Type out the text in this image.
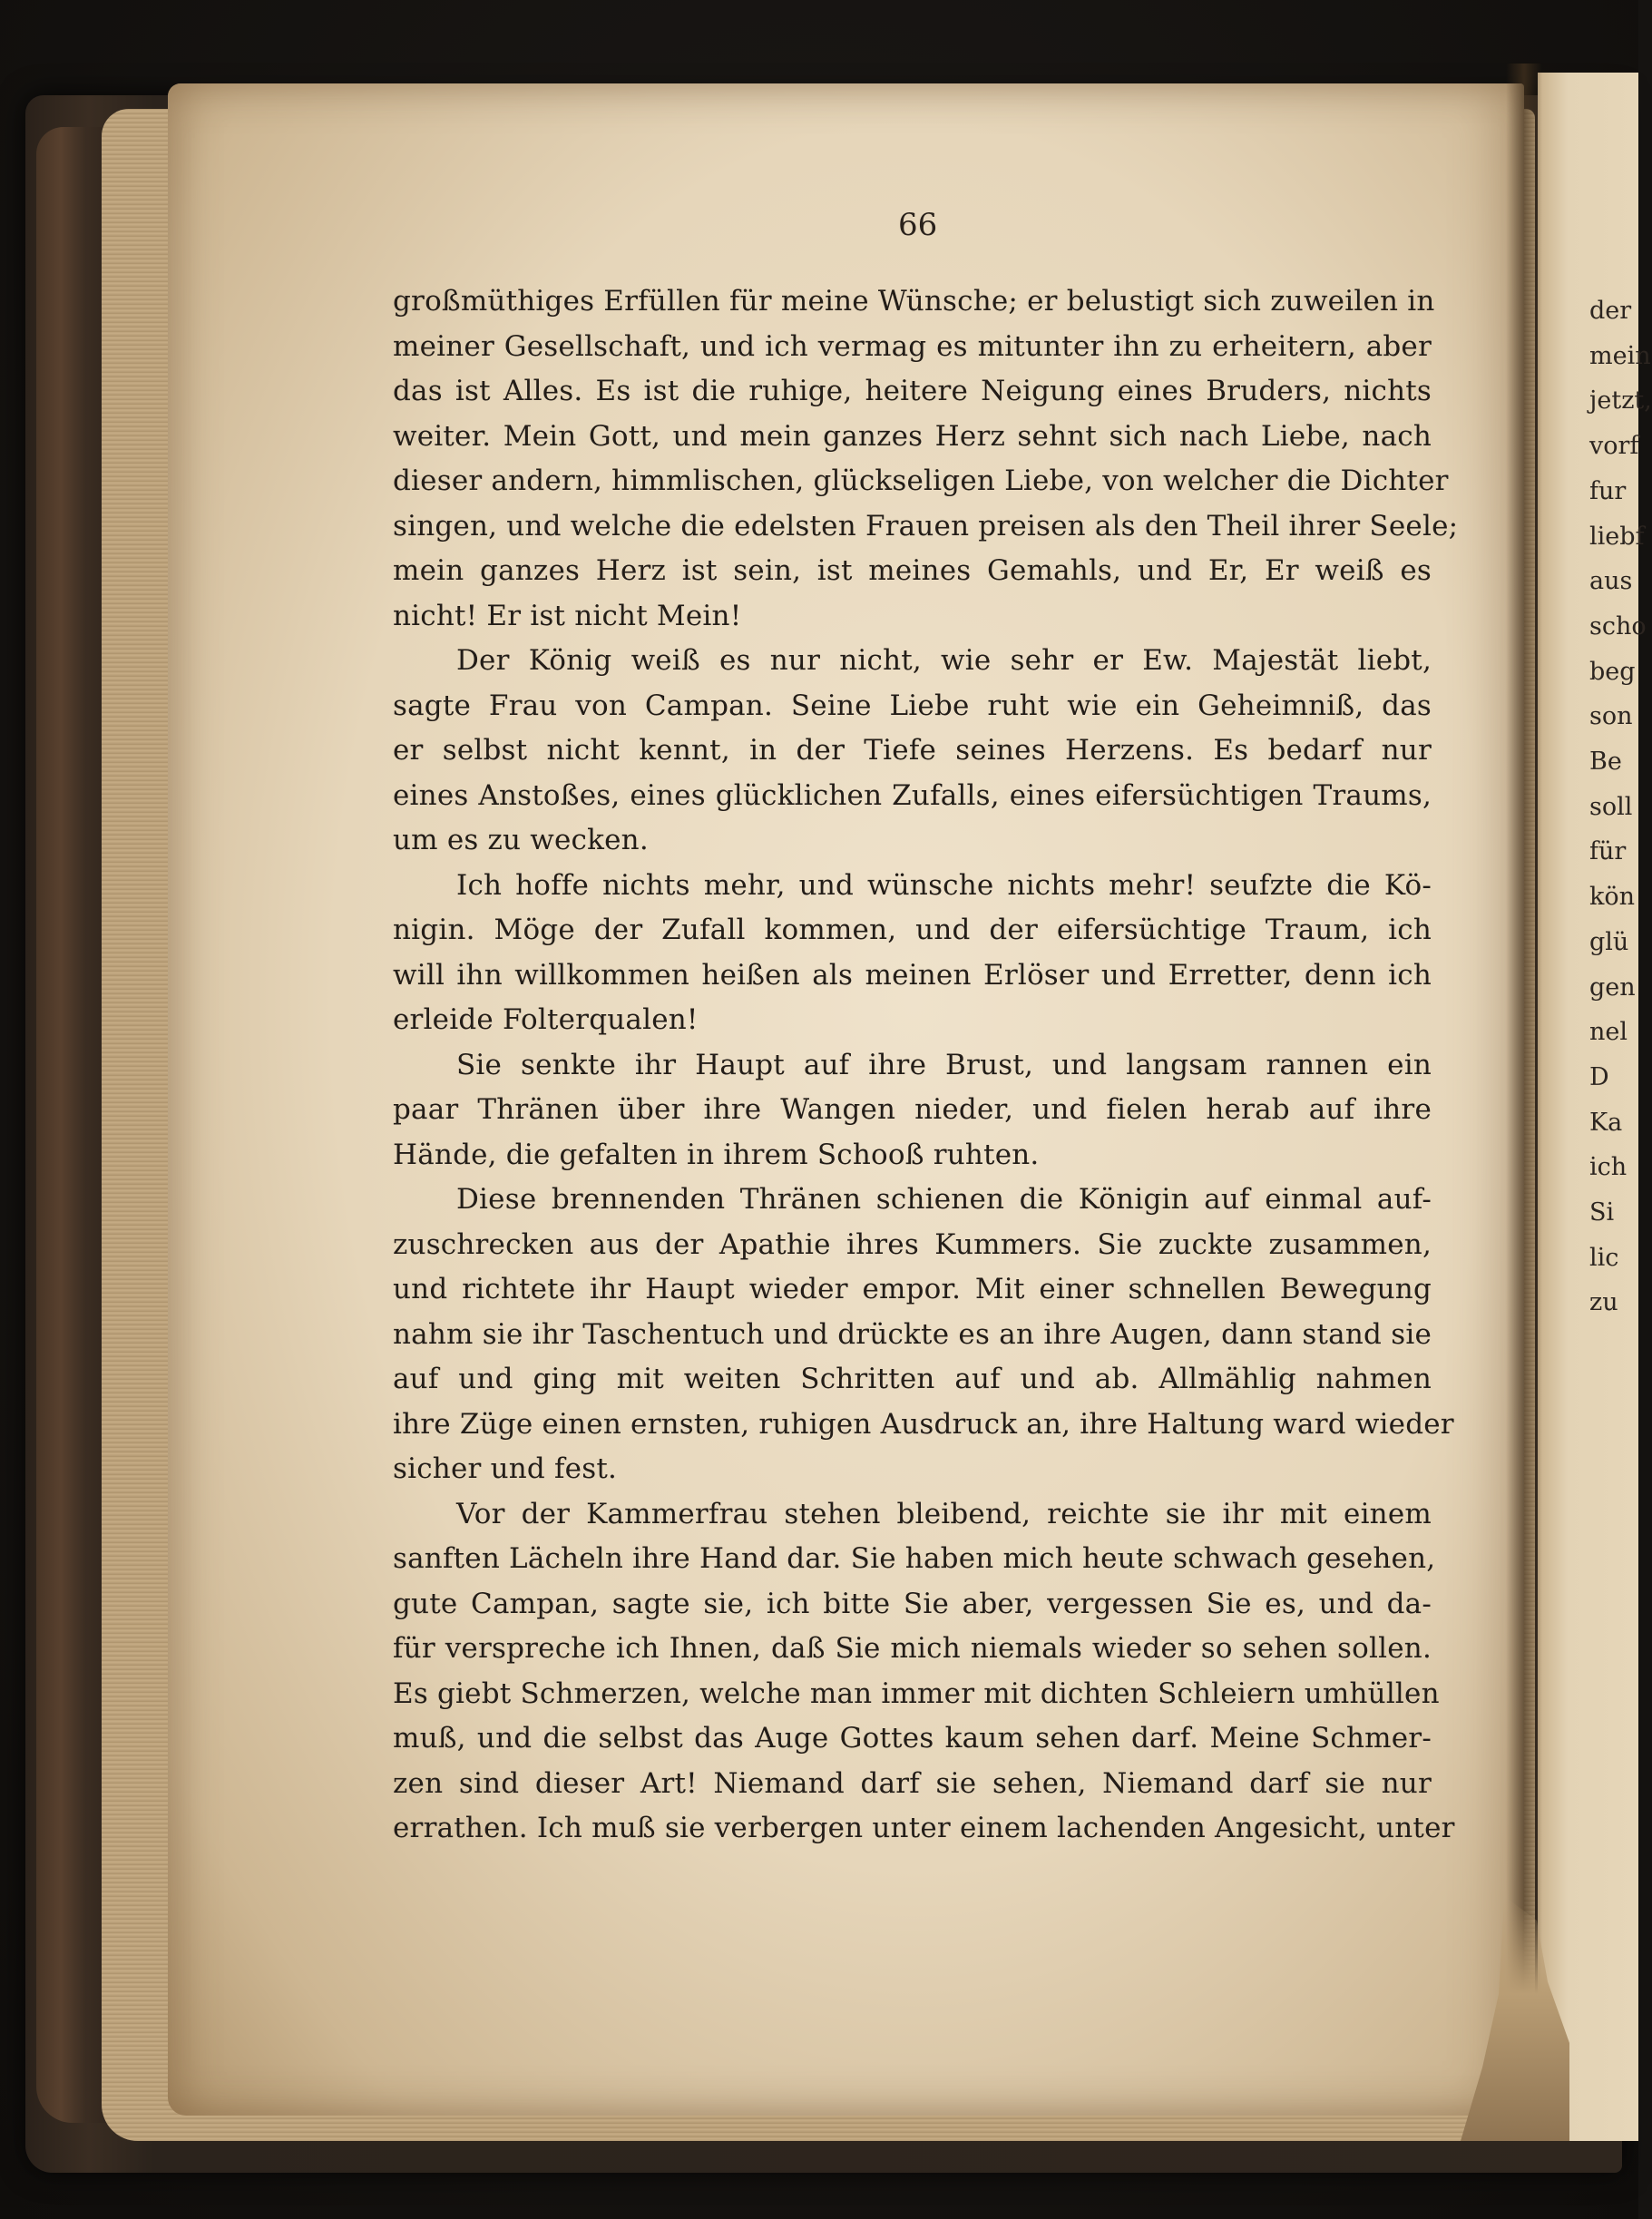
66
großmüthiges Erfüllen für meine Wünsche; er belustigt sich zuweilen in
meiner Gesellschaft, und ich vermag es mitunter ihn zu erheitern, aber
das ist Alles. Es ist die ruhige, heitere Neigung eines Bruders, nichts
weiter. Mein Gott, und mein ganzes Herz sehnt sich nach Liebe, nach
dieser andern, himmlischen, glückseligen Liebe, von welcher die Dichter
singen, und welche die edelsten Frauen preisen als den Theil ihrer Seele;
mein ganzes Herz ist sein, ist meines Gemahls, und Er, Er weiß es
nicht! Er ist nicht Mein!
Der König weiß es nur nicht, wie sehr er Ew. Majestät liebt,
sagte Frau von Campan. Seine Liebe ruht wie ein Geheimniß, das
er selbst nicht kennt, in der Tiefe seines Herzens. Es bedarf nur
eines Anstoßes, eines glücklichen Zufalls, eines eifersüchtigen Traums,
um es zu wecken.
Ich hoffe nichts mehr, und wünsche nichts mehr! seufzte die Kö-
nigin. Möge der Zufall kommen, und der eifersüchtige Traum, ich
will ihn willkommen heißen als meinen Erlöser und Erretter, denn ich
erleide Folterqualen!
Sie senkte ihr Haupt auf ihre Brust, und langsam rannen ein
paar Thränen über ihre Wangen nieder, und fielen herab auf ihre
Hände, die gefalten in ihrem Schooß ruhten.
Diese brennenden Thränen schienen die Königin auf einmal auf-
zuschrecken aus der Apathie ihres Kummers. Sie zuckte zusammen,
und richtete ihr Haupt wieder empor. Mit einer schnellen Bewegung
nahm sie ihr Taschentuch und drückte es an ihre Augen, dann stand sie
auf und ging mit weiten Schritten auf und ab. Allmählig nahmen
ihre Züge einen ernsten, ruhigen Ausdruck an, ihre Haltung ward wieder
sicher und fest.
Vor der Kammerfrau stehen bleibend, reichte sie ihr mit einem
sanften Lächeln ihre Hand dar. Sie haben mich heute schwach gesehen,
gute Campan, sagte sie, ich bitte Sie aber, vergessen Sie es, und da-
für verspreche ich Ihnen, daß Sie mich niemals wieder so sehen sollen.
Es giebt Schmerzen, welche man immer mit dichten Schleiern umhüllen
muß, und die selbst das Auge Gottes kaum sehen darf. Meine Schmer-
zen sind dieser Art! Niemand darf sie sehen, Niemand darf sie nur
errathen. Ich muß sie verbergen unter einem lachenden Angesicht, unter
der
mein
jetzt,
vorf
fur
liebf
aus
scho
beg
son
Be
soll
für
kön
glü
gen
nel
D
Ka
ich
Si
lic
zu
